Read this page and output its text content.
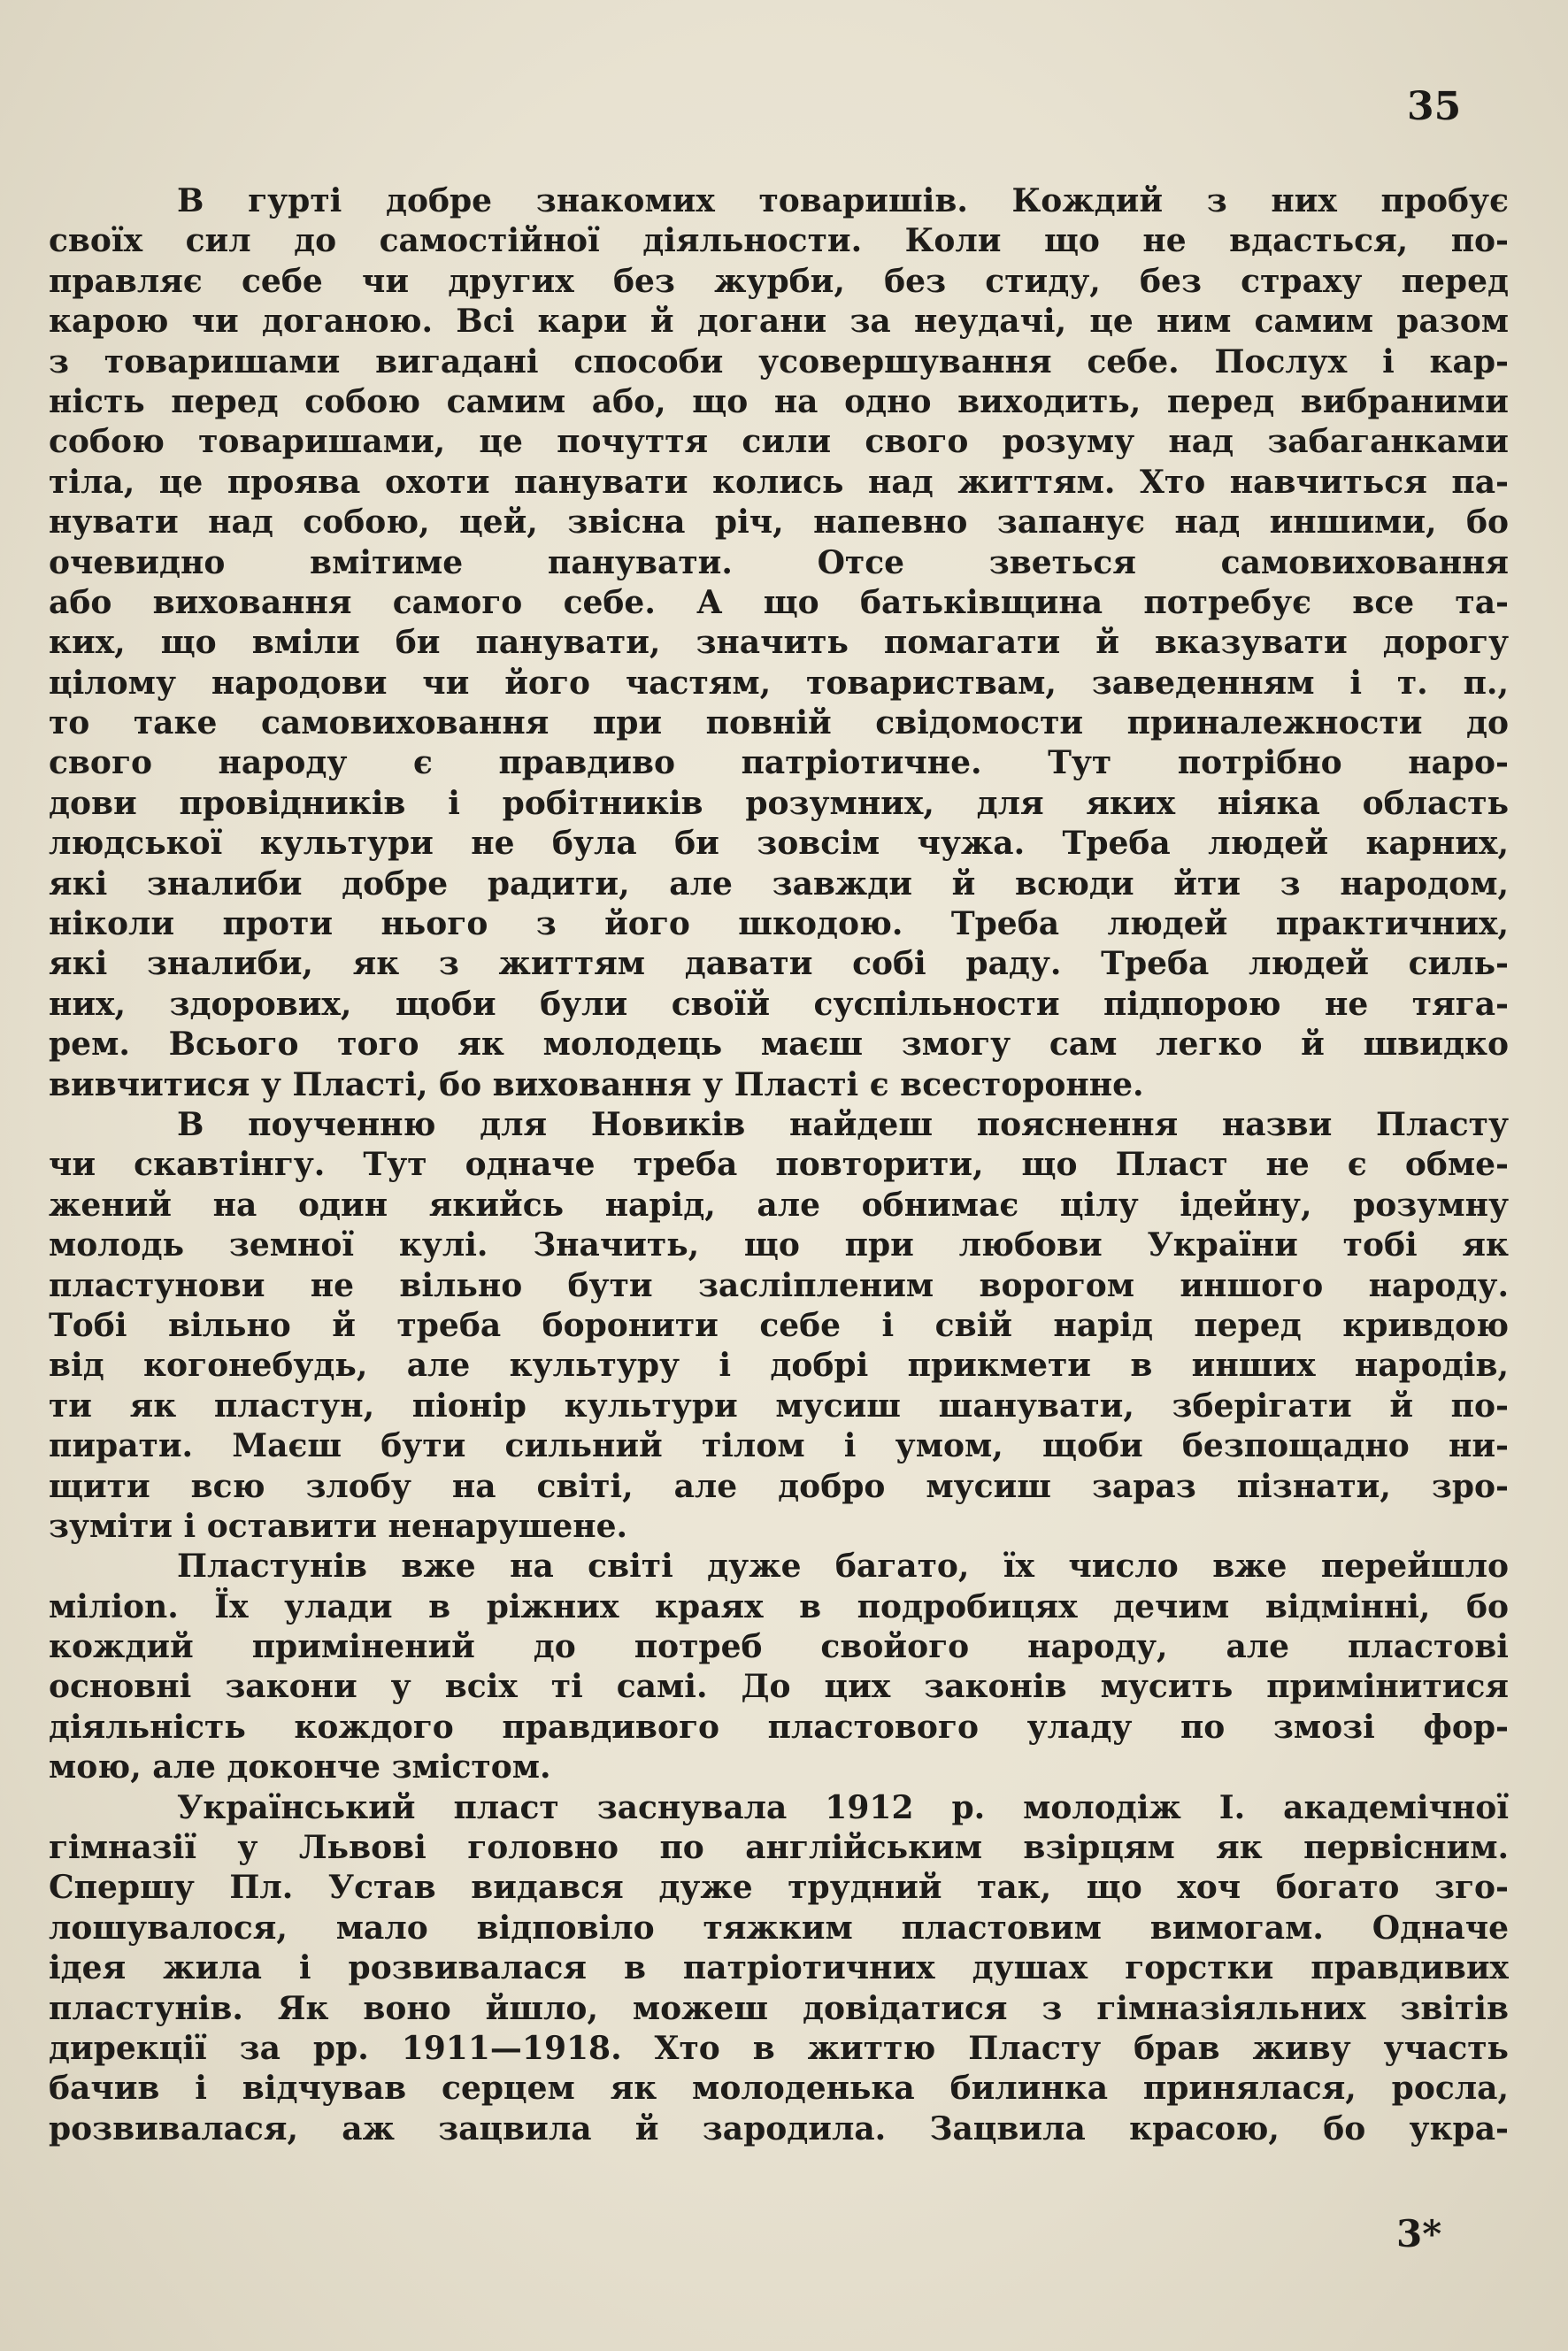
35
В гурті добре знакомих товаришів. Кождий з них пробує
своїх сил до самостійної діяльности. Коли що не вдасться, по-
правляє себе чи других без журби, без стиду, без страху перед
карою чи доганою. Всі кари й догани за неудачі, це ним самим разом
з товаришами вигадані способи усовершування себе. Послух і кар-
ність перед собою самим або, що на одно виходить, перед вибраними
собою товаришами, це почуття сили свого розуму над забаганками
тіла, це проява охоти панувати колись над життям. Хто навчиться па-
нувати над собою, цей, звісна річ, напевно запанує над иншими, бо
очевидно вмітиме панувати. Отсе зветься самовиховання
або виховання самого себе. А що батьківщина потребує все та-
ких, що вміли би панувати, значить помагати й вказувати дорогу
цілому народови чи його частям, товариствам, заведенням і т. п.,
то таке самовиховання при повній свідомости приналежности до
свого народу є правдиво патріотичне. Тут потрібно наро-
дови провідників і робітників розумних, для яких ніяка область
людської культури не була би зовсім чужа. Треба людей карних,
які зналиби добре радити, але завжди й всюди йти з народом,
ніколи проти нього з його шкодою. Треба людей практичних,
які зналиби, як з життям давати собі раду. Треба людей силь-
них, здорових, щоби були своїй суспільности підпорою не тяга-
рем. Всього того як молодець маєш змогу сам легко й швидко
вивчитися у Пласті, бо виховання у Пласті є всесторонне.
В поученню для Новиків найдеш пояснення назви Пласту
чи скавтінгу. Тут одначе треба повторити, що Пласт не є обме-
жений на один якийсь нарід, але обнимає цілу ідейну, розумну
молодь земної кулі. Значить, що при любови України тобі як
пластунови не вільно бути засліпленим ворогом иншого народу.
Тобі вільно й треба боронити себе і свій нарід перед кривдою
від когонебудь, але культуру і добрі прикмети в инших народів,
ти як пластун, піонір культури мусиш шанувати, зберігати й по-
пирати. Маєш бути сильний тілом і умом, щоби безпощадно ни-
щити всю злобу на світі, але добро мусиш зараз пізнати, зро-
зуміти і оставити ненарушене.
Пластунів вже на світі дуже багато, їх число вже перейшло
мілion. Їх улади в ріжних краях в подробицях дечим відмінні, бо
кождий примінений до потреб свойого народу, але пластові
основні закони у всіх ті самі. До цих законів мусить примінитися
діяльність кождого правдивого пластового уладу по змозі фор-
мою, але доконче змістом.
Український пласт заснувала 1912 р. молодіж I. академічної
гімназії у Львові головно по англійським взірцям як первісним.
Спершу Пл. Устав видався дуже трудний так, що хоч богато зго-
лошувалося, мало відповіло тяжким пластовим вимогам. Одначе
ідея жила і розвивалася в патріотичних душах горстки правдивих
пластунів. Як воно йшло, можеш довідатися з гімназіяльних звітів
дирекції за рр. 1911—1918. Хто в життю Пласту брав живу участь
бачив і відчував серцем як молоденька билинка принялася, росла,
розвивалася, аж зацвила й зародила. Зацвила красою, бо укра-
3*
